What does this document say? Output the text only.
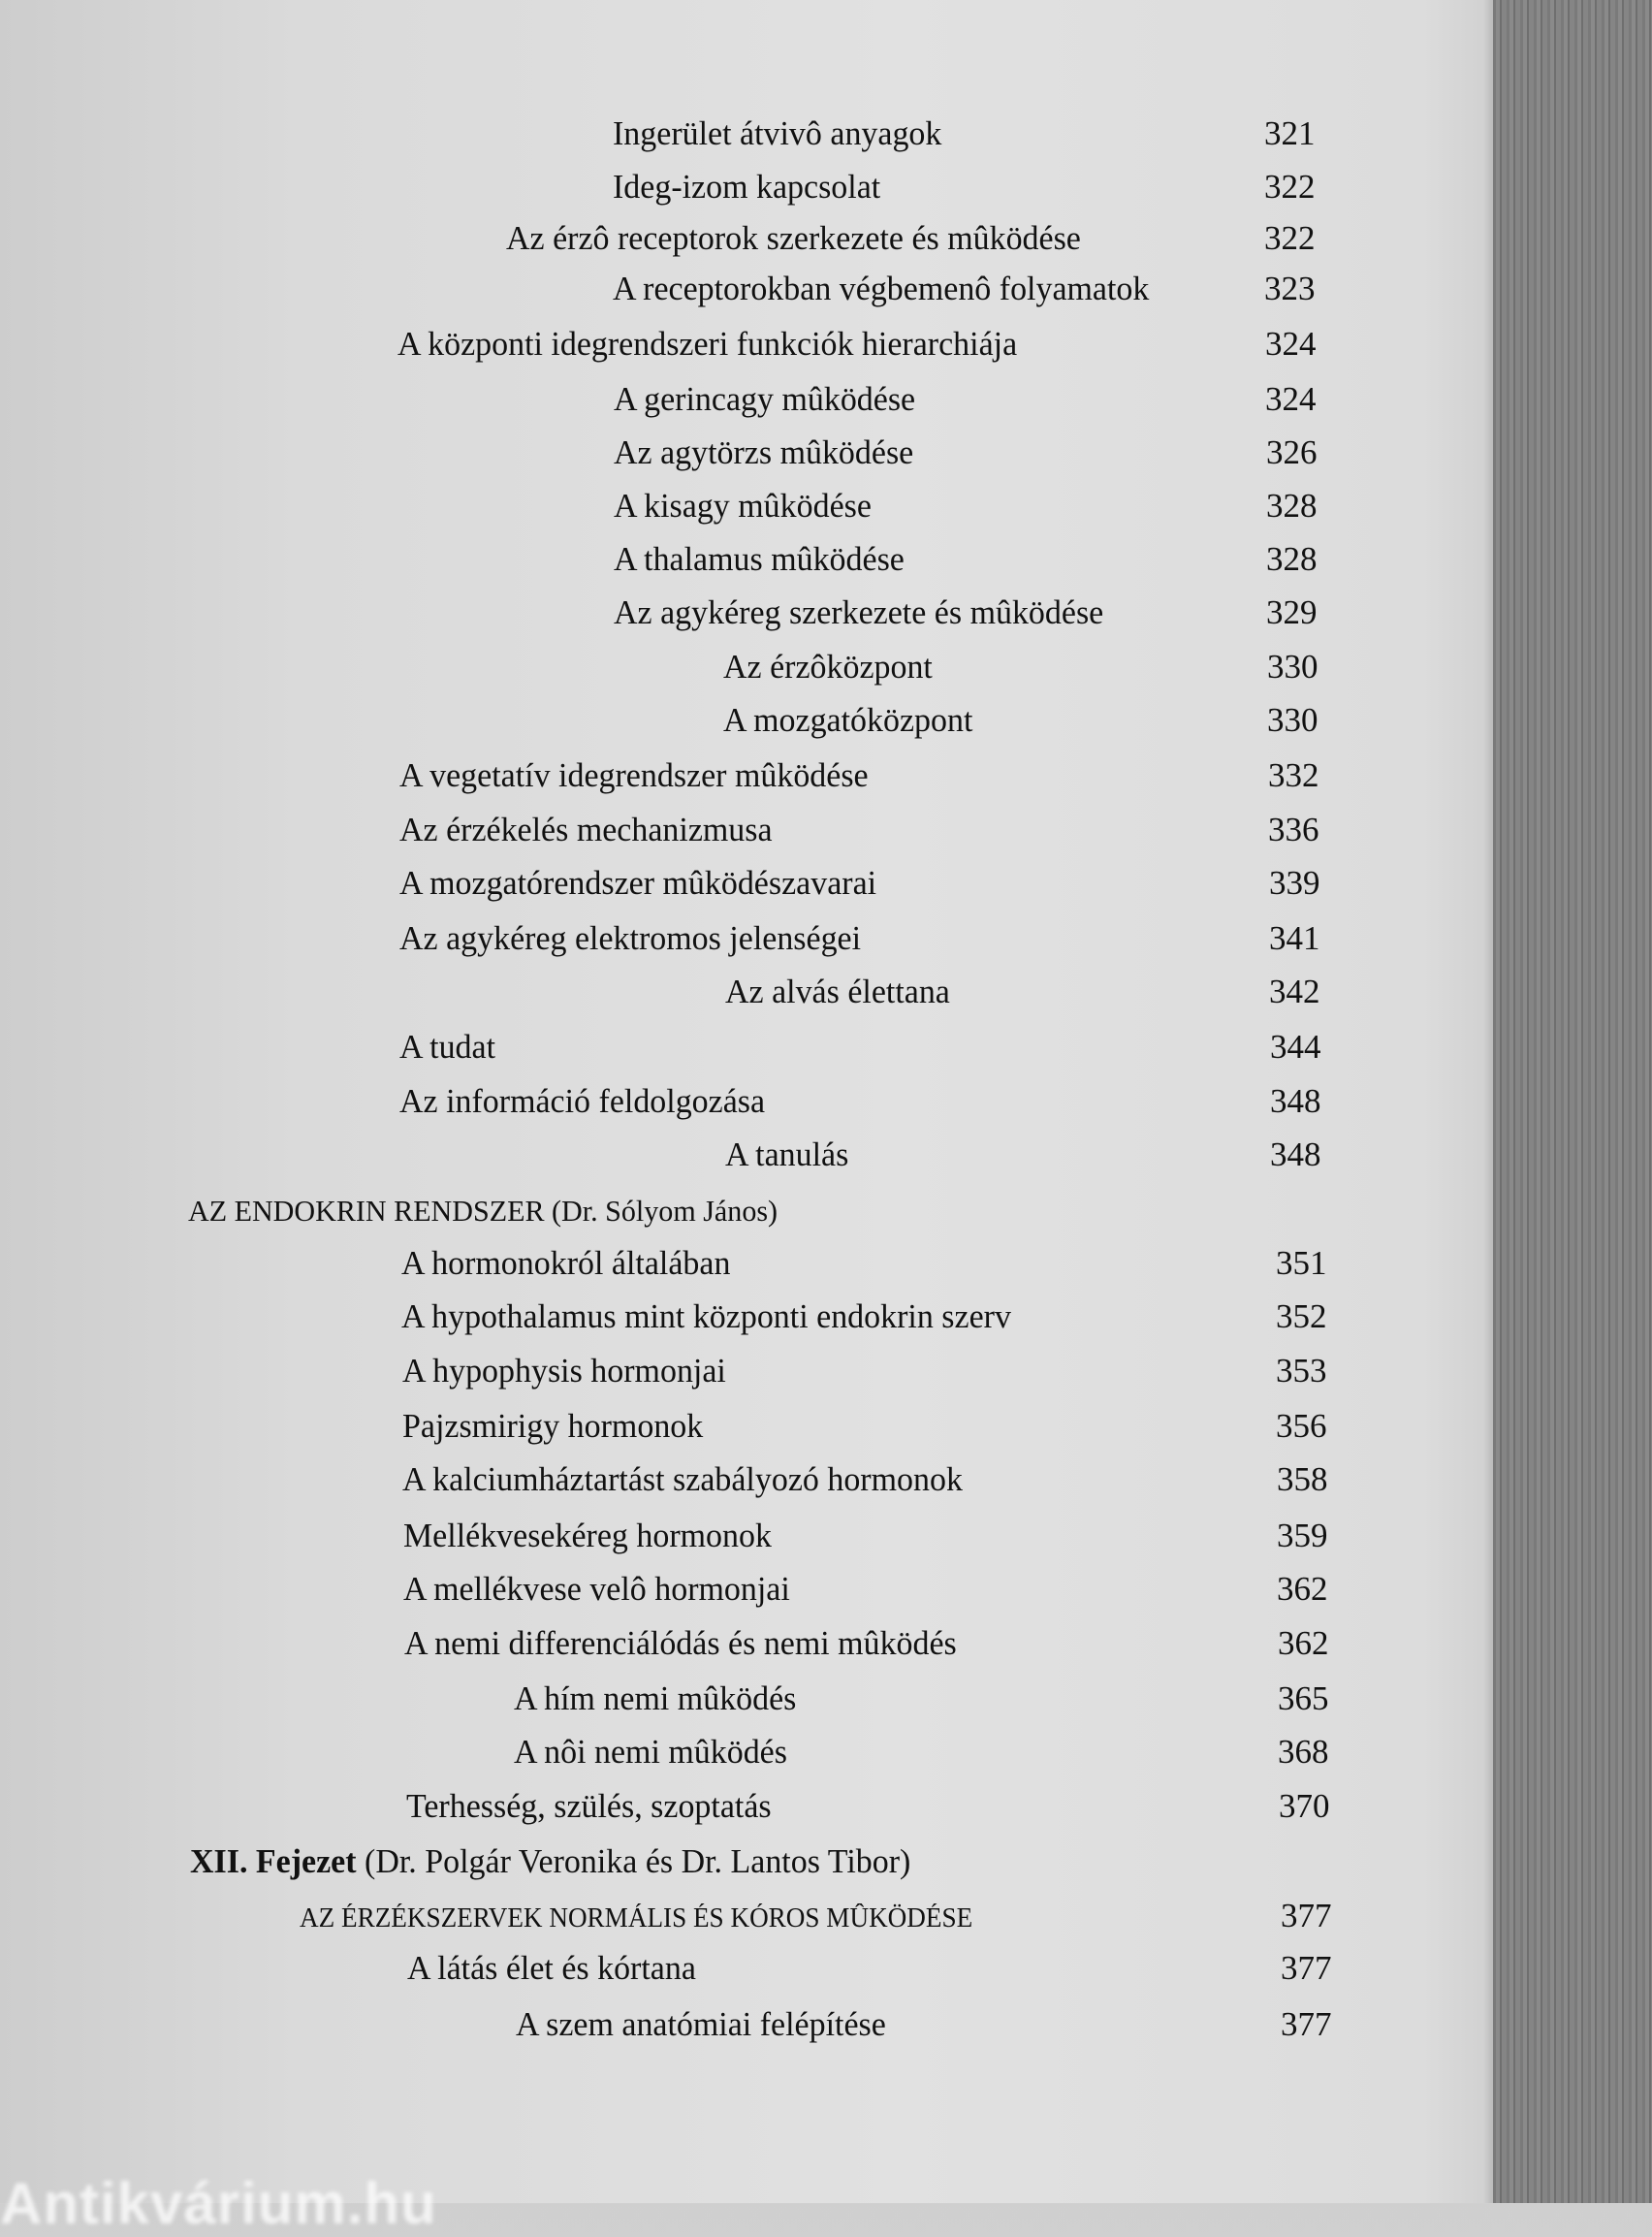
Ingerület átvivô anyagok	321
Ideg-izom kapcsolat	322
Az érzô receptorok szerkezete és mûködése	322
A receptorokban végbemenô folyamatok	323
A központi idegrendszeri funkciók hierarchiája	324
A gerincagy mûködése	324
Az agytörzs mûködése	326
A kisagy mûködése	328
A thalamus mûködése	328
Az agykéreg szerkezete és mûködése	329
Az érzôközpont	330
A mozgatóközpont	330
A vegetatív idegrendszer mûködése	332
Az érzékelés mechanizmusa	336
A mozgatórendszer mûködészavarai	339
Az agykéreg elektromos jelenségei	341
Az alvás élettana	342
A tudat	344
Az információ feldolgozása	348
A tanulás	348
AZ ENDOKRIN RENDSZER (Dr. Sólyom János)
A hormonokról általában	351
A hypothalamus mint központi endokrin szerv	352
A hypophysis hormonjai	353
Pajzsmirigy hormonok	356
A kalciumháztartást szabályozó hormonok	358
Mellékvesekéreg hormonok	359
A mellékvese velô hormonjai	362
A nemi differenciálódás és nemi mûködés	362
A hím nemi mûködés	365
A nôi nemi mûködés	368
Terhesség, szülés, szoptatás	370
XII. Fejezet (Dr. Polgár Veronika és Dr. Lantos Tibor)
AZ ÉRZÉKSZERVEK NORMÁLIS ÉS KÓROS MÛKÖDÉSE	377
A látás élet és kórtana	377
A szem anatómiai felépítése	377
Antikvárium.hu
